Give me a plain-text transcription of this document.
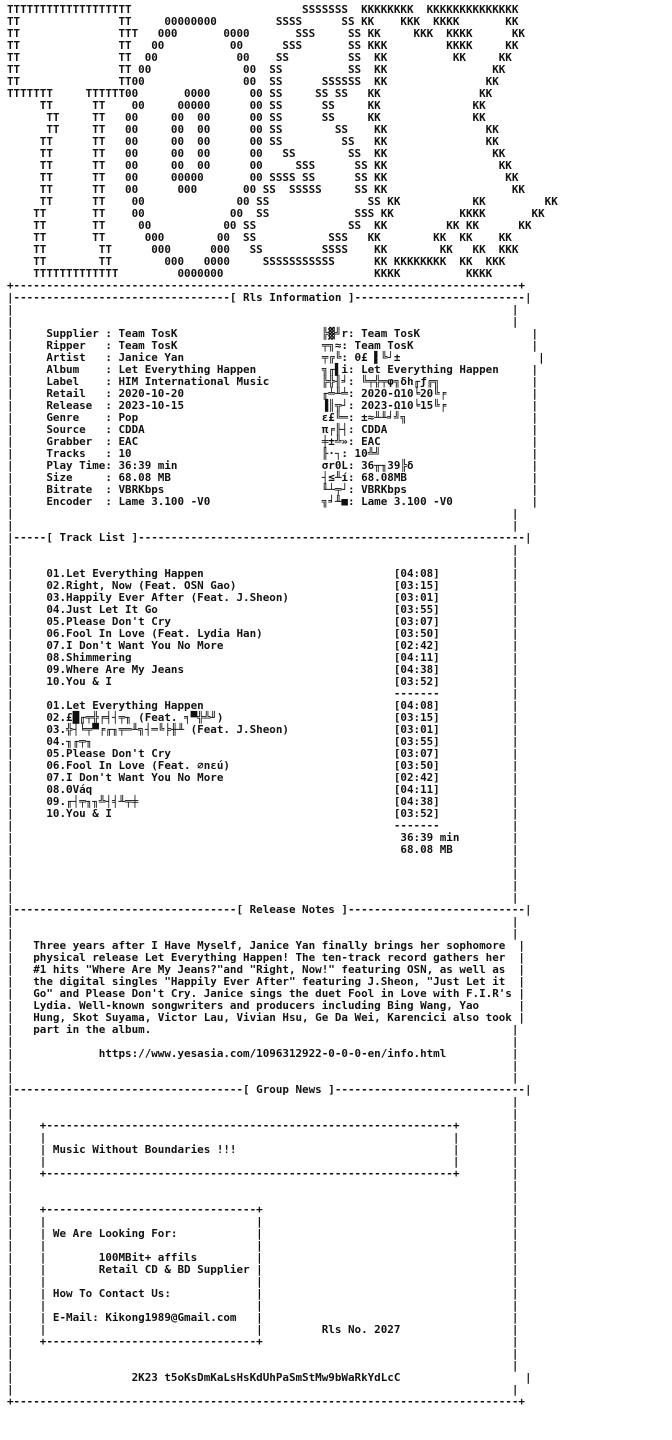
TTTTTTTTTTTTTTTTTTT                          SSSSSSS  KKKKKKKK  KKKKKKKKKKKKKK
TT               TT     00000000         SSSS      SS KK    KKK  KKKK       KK
TT               TTT   000       0000       SSS     SS KK     KKK  KKKK      KK
TT               TT   00          00      SSS       SS KKK         KKKK     KK
TT               TT  00            00    SS         SS  KK          KK     KK
TT               TT 00              00  SS          SS  KK                KK
TT               TT00               00  SS      SSSSSS  KK               KK
TTTTTTT     TTTTTT00       0000      00 SS     SS SS   KK               KK
TT      TT    00     00000      00 SS      SS     KK              KK
TT     TT   00     00  00      00 SS      SS     KK              KK
TT     TT   00     00  00      00 SS        SS    KK               KK
TT      TT   00     00  00      00 SS         SS   KK               KK
TT      TT   00     00  00      00   SS        SS  KK                KK
TT      TT   00     00  00      00     SSS      SS KK                 KK
TT      TT   00     00000       00 SSSS SS      SS KK                  KK
TT      TT   00      000       00 SS  SSSSS     SS KK                   KK
TT      TT    00              00 SS               SS KK           KK         KK
TT       TT    00             00  SS             SSS KK          KKKK       KK
TT       TT     00           00 SS              SS  KK         KK KK      KK
TT       TT      000        00  SS           SSS   KK        KK  KK    KK
TT        TT      000      000   SS         SSSS    KK        KK   KK  KKK
TT        TT        000   0000     SSSSSSSSSSS      KK KKKKKKKK  KK  KKK
TTTTTTTTTTTTT         0000000                       KKKK          KKKK
+-----------------------------------------------------------------------------+
|---------------------------------[ Rls Information ]--------------------------|
|                                                                            |
|                                                                            |
|     Supplier : Team TosK                      ╠▓╝r: Team TosK                 |
|     Ripper   : Team TosK                      ╤╗≈: Team TosK                  |
|     Artist   : Janice Yan                     ╤╔╚: θ£ ▌╚┘±                     |
|     Album    : Let Everything Happen          ╗╓▌i: Let Everything Happen     |
|     Label    : HIM International Music        ╠╬╢╛: ╚╤╬╤φ╗δh╓ƒ╔╗              |
|     Retail   : 2020-10-20                     ╓╧╨╧: 2020-Ω10╘20╚╒             |
|     Release  : 2023-10-15                     ▐║╦┘: 2023-Ω10╘15╚╒             |
|     Genre    : Pop                            ε£╚═: ±≈╨╨╛╝╗                   |
|     Source   : CDDA                           π╒╟┤: CDDA                      |
|     Grabber  : EAC                            ╪±╩»: EAC                       |
|     Tracks   : 10                             ╟·┐: 10╩╝                       |
|     Play Time: 36:39 min                      σr0L: 36╥╖39╠δ                  |
|     Size     : 68.08 MB                       ┤≤╨í: 68.08MB                   |
|     Bitrate  : VBRKbps                        ╙┴╤┘: VBRKbps                   |
|     Encoder  : Lame 3.100 -V0                 ╗╛╨■: Lame 3.100 -V0            |
|                                                                            |
|                                                                            |
|-----[ Track List ]-----------------------------------------------------------|
|                                                                            |
|                                                                            |
|     01.Let Everything Happen                             [04:08]           |
|     02.Right, Now (Feat. OSN Gao)                        [03:15]           |
|     03.Happily Ever After (Feat. J.Sheon)                [03:01]           |
|     04.Just Let It Go                                    [03:55]           |
|     05.Please Don't Cry                                  [03:07]           |
|     06.Fool In Love (Feat. Lydia Han)                    [03:50]           |
|     07.I Don't Want You No More                          [02:42]           |
|     08.Shimmering                                        [04:11]           |
|     09.Where Are My Jeans                                [04:38]           |
|     10.You & I                                           [03:52]           |
|                                                          -------           |
|     01.Let Everything Happen                             [04:08]           |
|     02.£█╓╤╬╒╡┤╤╖ (Feat. ╕▀╬╩╜)                          [03:15]           |
|     03.╬┤╘╤▀╒╓╖╤═╨╗┤═╚╞╫╨ (Feat. J.Sheon)                [03:01]           |
|     04.╖╓╤╖                                              [03:55]           |
|     05.Please Don't Cry                                  [03:07]           |
|     06.Fool In Love (Feat. ∅nεú)                         [03:50]           |
|     07.I Don't Want You No More                          [02:42]           |
|     08.ΘVáq                                              [04:11]           |
|     09.╓┤╤╖╖╩┤╡╨╤╪                                       [04:38]           |
|     10.You & I                                           [03:52]           |
|                                                          -------           |
|                                                           36:39 min        |
|                                                           68.08 MB         |
|                                                                            |
|                                                                            |
|                                                                            |
|                                                                            |
|----------------------------------[ Release Notes ]---------------------------|
|                                                                            |
|                                                                            |
|   Three years after I Have Myself, Janice Yan finally brings her sophomore  |
|   physical release Let Everything Happen! The ten-track record gathers her  |
|   #1 hits "Where Are My Jeans?"and "Right, Now!" featuring OSN, as well as  |
|   the digital singles "Happily Ever After" featuring J.Sheon, "Just Let it  |
|   Go" and Please Don't Cry. Janice sings the duet Fool in Love with F.I.R's |
|   Lydia. Well-known songwriters and producers including Bing Wang, Yao      |
|   Hung, Skot Suyama, Victor Lau, Vivian Hsu, Ge Da Wei, Karencici also took |
|   part in the album.                                                       |
|                                                                            |
|             https://www.yesasia.com/1096312922-0-0-0-en/info.html          |
|                                                                            |
|                                                                            |
|-----------------------------------[ Group News ]-----------------------------|
|                                                                            |
|                                                                            |
|    +--------------------------------------------------------------+        |
|    |                                                              |        |
|    | Music Without Boundaries !!!                                 |        |
|    |                                                              |        |
|    +--------------------------------------------------------------+        |
|                                                                            |
|                                                                            |
|    +--------------------------------+                                      |
|    |                                |                                      |
|    | We Are Looking For:            |                                      |
|    |                                |                                      |
|    |        100MBit+ affils         |                                      |
|    |        Retail CD & BD Supplier |                                      |
|    |                                |                                      |
|    | How To Contact Us:             |                                      |
|    |                                |                                      |
|    | E-Mail: Kikong1989@Gmail.com   |                                      |
|    |                                |         Rls No. 2027                 |
|    +--------------------------------+                                      |
|                                                                            |
|                                                                            |
|                  2K23 t5oKsDmKaLsHsKdUhPaSmStMw9bWaRkYdLcC                   |
|                                                                            |
+-----------------------------------------------------------------------------+
